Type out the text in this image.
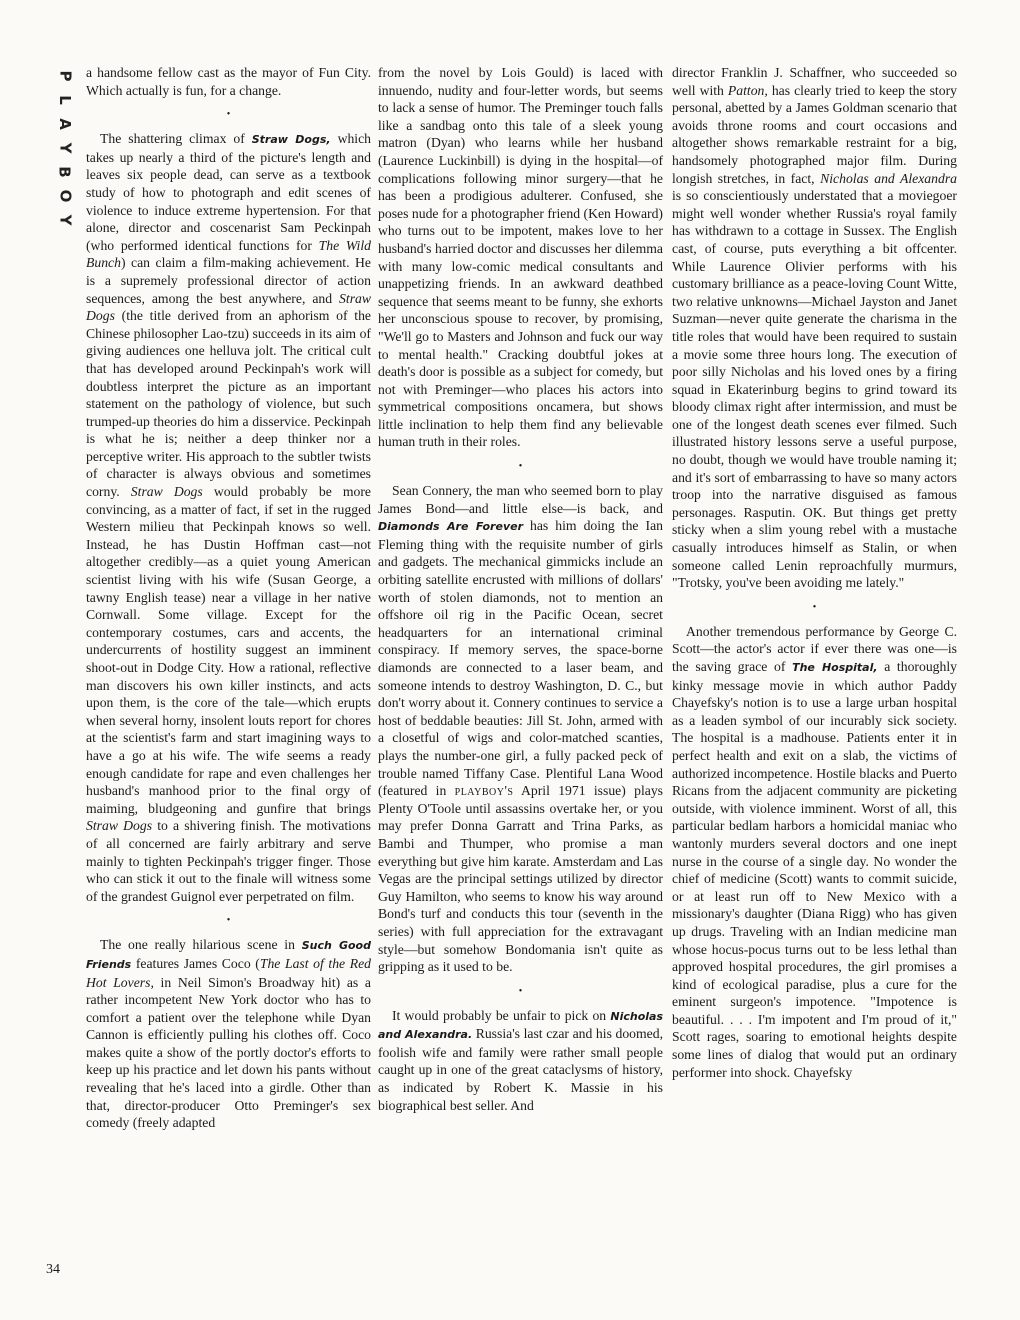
P
L
A
Y
B
O
Y

a handsome fellow cast as the mayor of Fun City. Which actually is fun, for a change.

•

The shattering climax of Straw Dogs, which takes up nearly a third of the picture's length and leaves six people dead, can serve as a textbook study of how to photograph and edit scenes of violence to induce extreme hypertension. For that alone, director and coscenarist Sam Peckinpah (who performed identical functions for The Wild Bunch) can claim a film-making achievement. He is a supremely professional director of action sequences, among the best anywhere, and Straw Dogs (the title derived from an aphorism of the Chinese philosopher Lao-tzu) succeeds in its aim of giving audiences one helluva jolt. The critical cult that has developed around Peckinpah's work will doubtless interpret the picture as an important statement on the pathology of violence, but such trumped-up theories do him a disservice. Peckinpah is what he is; neither a deep thinker nor a perceptive writer. His approach to the subtler twists of character is always obvious and sometimes corny. Straw Dogs would probably be more convincing, as a matter of fact, if set in the rugged Western milieu that Peckinpah knows so well. Instead, he has Dustin Hoffman cast—not altogether credibly—as a quiet young American scientist living with his wife (Susan George, a tawny English tease) near a village in her native Cornwall. Some village. Except for the contemporary costumes, cars and accents, the undercurrents of hostility suggest an imminent shoot-out in Dodge City. How a rational, reflective man discovers his own killer instincts, and acts upon them, is the core of the tale—which erupts when several horny, insolent louts report for chores at the scientist's farm and start imagining ways to have a go at his wife. The wife seems a ready enough candidate for rape and even challenges her husband's manhood prior to the final orgy of maiming, bludgeoning and gunfire that brings Straw Dogs to a shivering finish. The motivations of all concerned are fairly arbitrary and serve mainly to tighten Peckinpah's trigger finger. Those who can stick it out to the finale will witness some of the grandest Guignol ever perpetrated on film.

•

The one really hilarious scene in Such Good Friends features James Coco (The Last of the Red Hot Lovers, in Neil Simon's Broadway hit) as a rather incompetent New York doctor who has to comfort a patient over the telephone while Dyan Cannon is efficiently pulling his clothes off. Coco makes quite a show of the portly doctor's efforts to keep up his practice and let down his pants without revealing that he's laced into a girdle. Other than that, director-producer Otto Preminger's sex comedy (freely adapted

from the novel by Lois Gould) is laced with innuendo, nudity and four-letter words, but seems to lack a sense of humor. The Preminger touch falls like a sandbag onto this tale of a sleek young matron (Dyan) who learns while her husband (Laurence Luckinbill) is dying in the hospital—of complications following minor surgery—that he has been a prodigious adulterer. Confused, she poses nude for a photographer friend (Ken Howard) who turns out to be impotent, makes love to her husband's harried doctor and discusses her dilemma with many low-comic medical consultants and unappetizing friends. In an awkward deathbed sequence that seems meant to be funny, she exhorts her unconscious spouse to recover, by promising, "We'll go to Masters and Johnson and fuck our way to mental health." Cracking doubtful jokes at death's door is possible as a subject for comedy, but not with Preminger—who places his actors into symmetrical compositions oncamera, but shows little inclination to help them find any believable human truth in their roles.

•

Sean Connery, the man who seemed born to play James Bond—and little else—is back, and Diamonds Are Forever has him doing the Ian Fleming thing with the requisite number of girls and gadgets. The mechanical gimmicks include an orbiting satellite encrusted with millions of dollars' worth of stolen diamonds, not to mention an offshore oil rig in the Pacific Ocean, secret headquarters for an international criminal conspiracy. If memory serves, the space-borne diamonds are connected to a laser beam, and someone intends to destroy Washington, D. C., but don't worry about it. Connery continues to service a host of beddable beauties: Jill St. John, armed with a closetful of wigs and color-matched scanties, plays the number-one girl, a fully packed peck of trouble named Tiffany Case. Plentiful Lana Wood (featured in playboy's April 1971 issue) plays Plenty O'Toole until assassins overtake her, or you may prefer Donna Garratt and Trina Parks, as Bambi and Thumper, who promise a man everything but give him karate. Amsterdam and Las Vegas are the principal settings utilized by director Guy Hamilton, who seems to know his way around Bond's turf and conducts this tour (seventh in the series) with full appreciation for the extravagant style—but somehow Bondomania isn't quite as gripping as it used to be.

•

It would probably be unfair to pick on Nicholas and Alexandra. Russia's last czar and his doomed, foolish wife and family were rather small people caught up in one of the great cataclysms of history, as indicated by Robert K. Massie in his biographical best seller. And

director Franklin J. Schaffner, who succeeded so well with Patton, has clearly tried to keep the story personal, abetted by a James Goldman scenario that avoids throne rooms and court occasions and altogether shows remarkable restraint for a big, handsomely photographed major film. During longish stretches, in fact, Nicholas and Alexandra is so conscientiously understated that a moviegoer might well wonder whether Russia's royal family has withdrawn to a cottage in Sussex. The English cast, of course, puts everything a bit offcenter. While Laurence Olivier performs with his customary brilliance as a peace-loving Count Witte, two relative unknowns—Michael Jayston and Janet Suzman—never quite generate the charisma in the title roles that would have been required to sustain a movie some three hours long. The execution of poor silly Nicholas and his loved ones by a firing squad in Ekaterinburg begins to grind toward its bloody climax right after intermission, and must be one of the longest death scenes ever filmed. Such illustrated history lessons serve a useful purpose, no doubt, though we would have trouble naming it; and it's sort of embarrassing to have so many actors troop into the narrative disguised as famous personages. Rasputin. OK. But things get pretty sticky when a slim young rebel with a mustache casually introduces himself as Stalin, or when someone called Lenin reproachfully murmurs, "Trotsky, you've been avoiding me lately."

•

Another tremendous performance by George C. Scott—the actor's actor if ever there was one—is the saving grace of The Hospital, a thoroughly kinky message movie in which author Paddy Chayefsky's notion is to use a large urban hospital as a leaden symbol of our incurably sick society. The hospital is a madhouse. Patients enter it in perfect health and exit on a slab, the victims of authorized incompetence. Hostile blacks and Puerto Ricans from the adjacent community are picketing outside, with violence imminent. Worst of all, this particular bedlam harbors a homicidal maniac who wantonly murders several doctors and one inept nurse in the course of a single day. No wonder the chief of medicine (Scott) wants to commit suicide, or at least run off to New Mexico with a missionary's daughter (Diana Rigg) who has given up drugs. Traveling with an Indian medicine man whose hocus-pocus turns out to be less lethal than approved hospital procedures, the girl promises a kind of ecological paradise, plus a cure for the eminent surgeon's impotence. "Impotence is beautiful. . . . I'm impotent and I'm proud of it," Scott rages, soaring to emotional heights despite some lines of dialog that would put an ordinary performer into shock. Chayefsky

34
